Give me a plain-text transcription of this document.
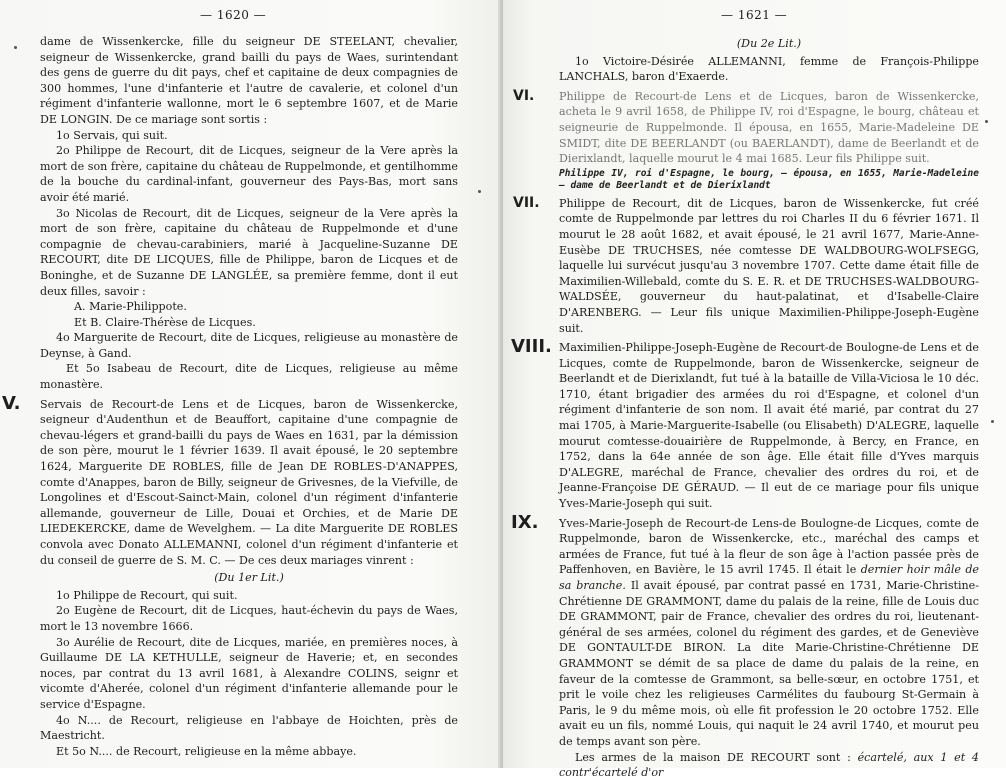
— 1620 —

dame de Wissenkercke, fille du seigneur DE STEELANT, chevalier, seigneur de Wissenkercke, grand bailli du pays de Waes, surintendant des gens de guerre du dit pays, chef et capitaine de deux compagnies de 300 hommes, l'une d'infanterie et l'autre de cavalerie, et colonel d'un régiment d'infanterie wallonne, mort le 6 septembre 1607, et de Marie DE LONGIN. De ce mariage sont sortis :

1o Servais, qui suit.

2o Philippe de Recourt, dit de Licques, seigneur de la Vere après la mort de son frère, capitaine du château de Ruppelmonde, et gentilhomme de la bouche du cardinal-infant, gouverneur des Pays-Bas, mort sans avoir été marié.

3o Nicolas de Recourt, dit de Licques, seigneur de la Vere après la mort de son frère, capitaine du château de Ruppelmonde et d'une compagnie de chevau-carabiniers, marié à Jacqueline-Suzanne DE RECOURT, dite DE LICQUES, fille de Philippe, baron de Licques et de Boninghe, et de Suzanne DE LANGLÉE, sa première femme, dont il eut deux filles, savoir :

A. Marie-Philippote.

Et B. Claire-Thérèse de Licques.

4o Marguerite de Recourt, dite de Licques, religieuse au monastère de Deynse, à Gand.

Et 5o Isabeau de Recourt, dite de Licques, religieuse au même monastère.

V. Servais de Recourt-de Lens et de Licques, baron de Wissenkercke, seigneur d'Audenthun et de Beauffort, capitaine d'une compagnie de chevau-légers et grand-bailli du pays de Waes en 1631, par la démission de son père, mourut le 1 février 1639. Il avait épousé, le 20 septembre 1624, Marguerite DE ROBLES, fille de Jean DE ROBLES-D'ANAPPES, comte d'Anappes, baron de Billy, seigneur de Grivesnes, de la Viefville, de Longolines et d'Escout-Sainct-Main, colonel d'un régiment d'infanterie allemande, gouverneur de Lille, Douai et Orchies, et de Marie DE LIEDEKERCKE, dame de Wevelghem. — La dite Marguerite DE ROBLES convola avec Donato ALLEMANNI, colonel d'un régiment d'infanterie et du conseil de guerre de S. M. C. — De ces deux mariages vinrent :

(Du 1er Lit.)

1o Philippe de Recourt, qui suit.

2o Eugène de Recourt, dit de Licques, haut-échevin du pays de Waes, mort le 13 novembre 1666.

3o Aurélie de Recourt, dite de Licques, mariée, en premières noces, à Guillaume DE LA KETHULLE, seigneur de Haverie; et, en secondes noces, par contrat du 13 avril 1681, à Alexandre COLINS, seignr et vicomte d'Aherée, colonel d'un régiment d'infanterie allemande pour le service d'Espagne.

4o N.... de Recourt, religieuse en l'abbaye de Hoichten, près de Maestricht.

Et 5o N.... de Recourt, religieuse en la même abbaye.

— 1621 —

(Du 2e Lit.)

1o Victoire-Désirée ALLEMANNI, femme de François-Philippe LANCHALS, baron d'Exaerde.

VI. Philippe de Recourt-de Lens et de Licques, baron de Wissenkercke, acheta le 9 avril 1658, de Philippe IV, roi d'Espagne, le bourg, château et seigneurie de Ruppelmonde. Il épousa, en 1655, Marie-Madeleine DE SMIDT, dite DE BEERLANDT (ou BAERLANDT), dame de Beerlandt et de Dierixlandt, laquelle mourut le 4 mai 1685. Leur fils Philippe suit.

Philippe IV, roi d'Espagne, le bourg, — épousa, en 1655, Marie-Madeleine — dame de Beerlandt et de Dierixlandt

VII. Philippe de Recourt, dit de Licques, baron de Wissenkercke, fut créé comte de Ruppelmonde par lettres du roi Charles II du 6 février 1671. Il mourut le 28 août 1682, et avait épousé, le 21 avril 1677, Marie-Anne-Eusèbe DE TRUCHSES, née comtesse DE WALDBOURG-WOLFSEGG, laquelle lui survécut jusqu'au 3 novembre 1707. Cette dame était fille de Maximilien-Willebald, comte du S. E. R. et DE TRUCHSES-WALDBOURG-WALDSÉE, gouverneur du haut-palatinat, et d'Isabelle-Claire D'ARENBERG. — Leur fils unique Maximilien-Philippe-Joseph-Eugène suit.

VIII. Maximilien-Philippe-Joseph-Eugène de Recourt-de Boulogne-de Lens et de Licques, comte de Ruppelmonde, baron de Wissenkercke, seigneur de Beerlandt et de Dierixlandt, fut tué à la bataille de Villa-Viciosa le 10 déc. 1710, étant brigadier des armées du roi d'Espagne, et colonel d'un régiment d'infanterie de son nom. Il avait été marié, par contrat du 27 mai 1705, à Marie-Marguerite-Isabelle (ou Elisabeth) D'ALEGRE, laquelle mourut comtesse-douairière de Ruppelmonde, à Bercy, en France, en 1752, dans la 64e année de son âge. Elle était fille d'Yves marquis D'ALEGRE, maréchal de France, chevalier des ordres du roi, et de Jeanne-Françoise DE GÉRAUD. — Il eut de ce mariage pour fils unique Yves-Marie-Joseph qui suit.

IX. Yves-Marie-Joseph de Recourt-de Lens-de Boulogne-de Licques, comte de Ruppelmonde, baron de Wissenkercke, etc., maréchal des camps et armées de France, fut tué à la fleur de son âge à l'action passée près de Paffenhoven, en Bavière, le 15 avril 1745. Il était le dernier hoir mâle de sa branche. Il avait épousé, par contrat passé en 1731, Marie-Christine-Chrétienne DE GRAMMONT, dame du palais de la reine, fille de Louis duc DE GRAMMONT, pair de France, chevalier des ordres du roi, lieutenant-général de ses armées, colonel du régiment des gardes, et de Geneviève DE GONTAULT-DE BIRON. La dite Marie-Christine-Chrétienne DE GRAMMONT se démit de sa place de dame du palais de la reine, en faveur de la comtesse de Grammont, sa belle-sœur, en octobre 1751, et prit le voile chez les religieuses Carmélites du faubourg St-Germain à Paris, le 9 du même mois, où elle fit profession le 20 octobre 1752. Elle avait eu un fils, nommé Louis, qui naquit le 24 avril 1740, et mourut peu de temps avant son père.

Les armes de la maison DE RECOURT sont : écartelé, aux 1 et 4 contr'écartelé d'or
